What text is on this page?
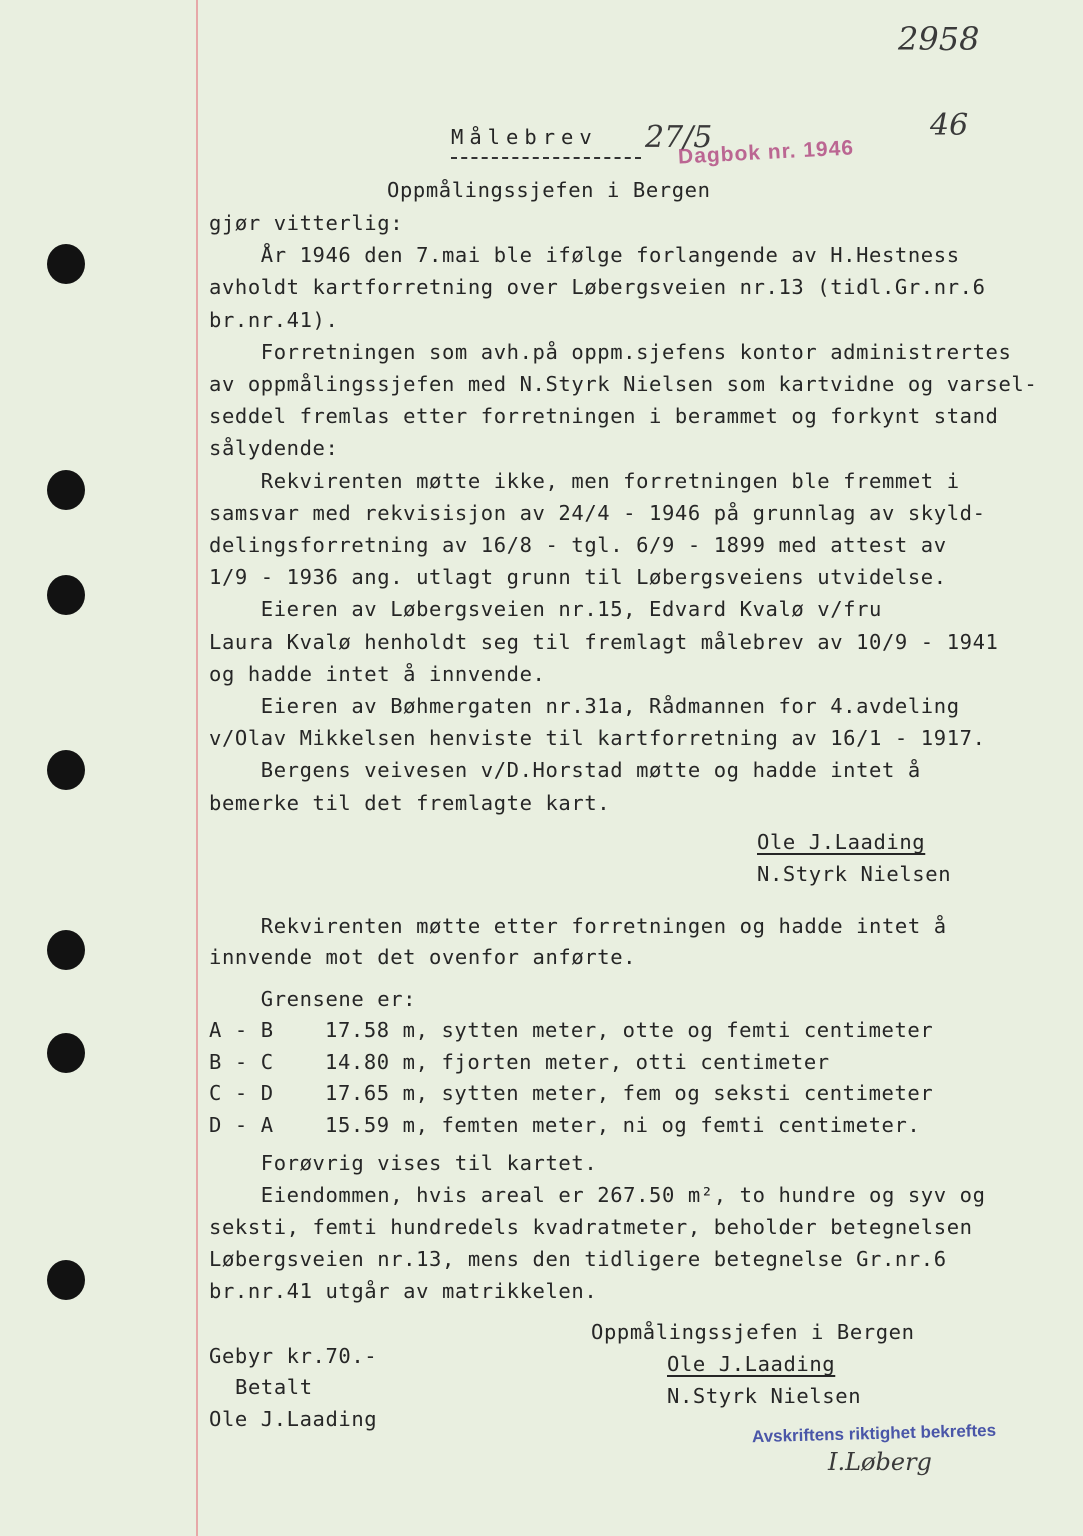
2958
Målebrev 27/5
Dagbok nr. 1946
46
Oppmålingssjefen i Bergen
gjør vitterlig:
År 1946 den 7.mai ble ifølge forlangende av H.Hestness
avholdt kartforretning over Løbergsveien nr.13 (tidl.Gr.nr.6
br.nr.41).
Forretningen som avh.på oppm.sjefens kontor administrertes
av oppmålingssjefen med N.Styrk Nielsen som kartvidne og varsel-
seddel fremlas etter forretningen i berammet og forkynt stand
sålydende:
Rekvirenten møtte ikke, men forretningen ble fremmet i
samsvar med rekvisisjon av 24/4 - 1946 på grunnlag av skyld-
delingsforretning av 16/8 - tgl. 6/9 - 1899 med attest av
1/9 - 1936 ang. utlagt grunn til Løbergsveiens utvidelse.
Eieren av Løbergsveien nr.15, Edvard Kvalø v/fru
Laura Kvalø henholdt seg til fremlagt målebrev av 10/9 - 1941
og hadde intet å innvende.
Eieren av Bøhmergaten nr.31a, Rådmannen for 4.avdeling
v/Olav Mikkelsen henviste til kartforretning av 16/1 - 1917.
Bergens veivesen v/D.Horstad møtte og hadde intet å
bemerke til det fremlagte kart.
Ole J.Laading
N.Styrk Nielsen
Rekvirenten møtte etter forretningen og hadde intet å
innvende mot det ovenfor anførte.
Grensene er:
A - B	17.58 m, sytten meter, otte og femti centimeter
B - C	14.80 m, fjorten meter, otti centimeter
C - D	17.65 m, sytten meter, fem og seksti centimeter
D - A	15.59 m, femten meter, ni og femti centimeter.
Forøvrig vises til kartet.
Eiendommen, hvis areal er 267.50 m², to hundre og syv og
seksti, femti hundredels kvadratmeter, beholder betegnelsen
Løbergsveien nr.13, mens den tidligere betegnelse Gr.nr.6
br.nr.41 utgår av matrikkelen.
Oppmålingssjefen i Bergen
Ole J.Laading
N.Styrk Nielsen
Gebyr kr.70.-
Betalt
Ole J.Laading
Avskriftens riktighet bekreftes
I.Løberg
